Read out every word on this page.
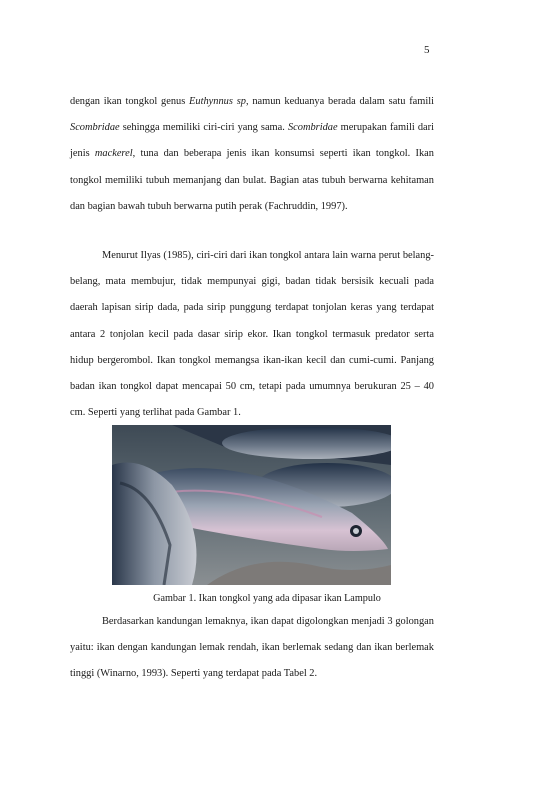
5

dengan ikan tongkol genus Euthynnus sp, namun keduanya berada dalam satu famili Scombridae sehingga memiliki ciri-ciri yang sama. Scombridae merupakan famili dari jenis mackerel, tuna dan beberapa jenis ikan konsumsi seperti ikan tongkol. Ikan tongkol memiliki tubuh memanjang dan bulat. Bagian atas tubuh berwarna kehitaman dan bagian bawah tubuh berwarna putih perak (Fachruddin, 1997).

Menurut Ilyas (1985), ciri-ciri dari ikan tongkol antara lain warna perut belang-belang, mata membujur, tidak mempunyai gigi, badan tidak bersisik kecuali pada daerah lapisan sirip dada, pada sirip punggung terdapat tonjolan keras yang terdapat antara 2 tonjolan kecil pada dasar sirip ekor. Ikan tongkol termasuk predator serta hidup bergerombol. Ikan tongkol memangsa ikan-ikan kecil dan cumi-cumi. Panjang badan ikan tongkol dapat mencapai 50 cm, tetapi pada umumnya berukuran 25 – 40 cm. Seperti yang terlihat pada Gambar 1.

Gambar 1. Ikan tongkol yang ada dipasar ikan Lampulo

Berdasarkan kandungan lemaknya, ikan dapat digolongkan menjadi 3 golongan yaitu: ikan dengan kandungan lemak rendah, ikan berlemak sedang dan ikan berlemak tinggi (Winarno, 1993). Seperti yang terdapat pada Tabel 2.
